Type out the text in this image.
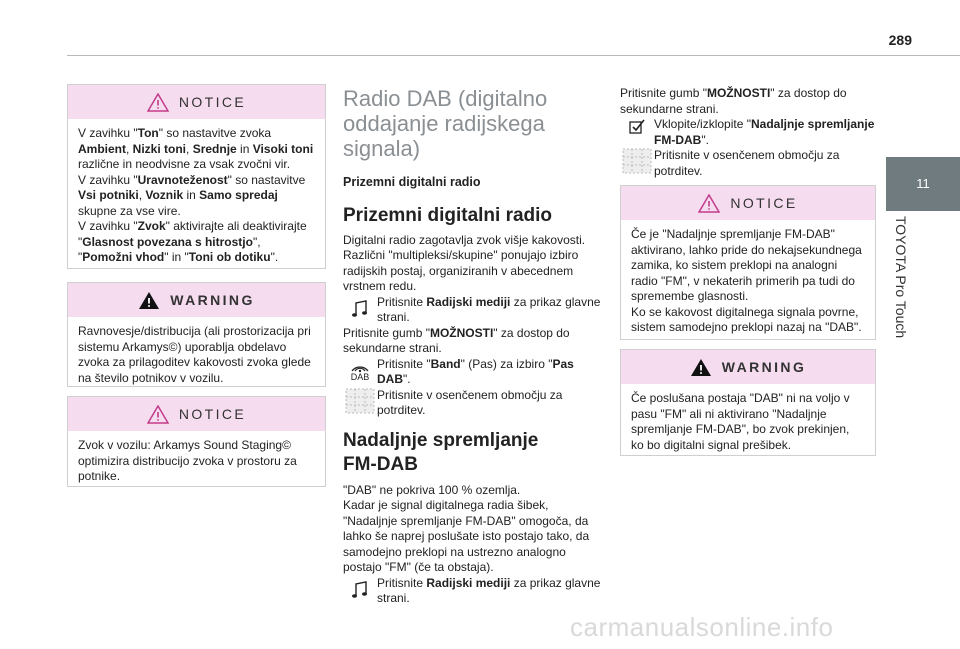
289
11
TOYOTA Pro Touch
NOTICE
V zavihku "Ton" so nastavitve zvoka Ambient, Nizki toni, Srednje in Visoki toni različne in neodvisne za vsak zvočni vir.
V zavihku "Uravnoteženost" so nastavitve Vsi potniki, Voznik in Samo spredaj skupne za vse vire.
V zavihku "Zvok" aktivirajte ali deaktivirajte "Glasnost povezana s hitrostjo", "Pomožni vhod" in "Toni ob dotiku".
WARNING
Ravnovesje/distribucija (ali prostorizacija pri sistemu Arkamys©) uporablja obdelavo zvoka za prilagoditev kakovosti zvoka glede na število potnikov v vozilu.
NOTICE
Zvok v vozilu: Arkamys Sound Staging© optimizira distribucijo zvoka v prostoru za potnike.
Radio DAB (digitalno oddajanje radijskega signala)
Prizemni digitalni radio
Prizemni digitalni radio
Digitalni radio zagotavlja zvok višje kakovosti.
Različni "multipleksi/skupine" ponujajo izbiro radijskih postaj, organiziranih v abecednem vrstnem redu.
Pritisnite Radijski mediji za prikaz glavne strani.
Pritisnite gumb "MOŽNOSTI" za dostop do sekundarne strani.
DAB
Pritisnite "Band" (Pas) za izbiro "Pas DAB".
Pritisnite v osenčenem območju za potrditev.
Nadaljnje spremljanje FM-DAB
"DAB" ne pokriva 100 % ozemlja.
Kadar je signal digitalnega radia šibek, "Nadaljnje spremljanje FM-DAB" omogoča, da lahko še naprej poslušate isto postajo tako, da samodejno preklopi na ustrezno analogno postajo "FM" (če ta obstaja).
Pritisnite Radijski mediji za prikaz glavne strani.
Pritisnite gumb "MOŽNOSTI" za dostop do sekundarne strani.
Vklopite/izklopite "Nadaljnje spremljanje FM-DAB".
Pritisnite v osenčenem območju za potrditev.
NOTICE
Če je "Nadaljnje spremljanje FM-DAB" aktivirano, lahko pride do nekajsekundnega zamika, ko sistem preklopi na analogni radio "FM", v nekaterih primerih pa tudi do spremembe glasnosti.
Ko se kakovost digitalnega signala povrne, sistem samodejno preklopi nazaj na "DAB".
WARNING
Če poslušana postaja "DAB" ni na voljo v pasu "FM" ali ni aktivirano "Nadaljnje spremljanje FM-DAB", bo zvok prekinjen, ko bo digitalni signal prešibek.
carmanualsonline.info
